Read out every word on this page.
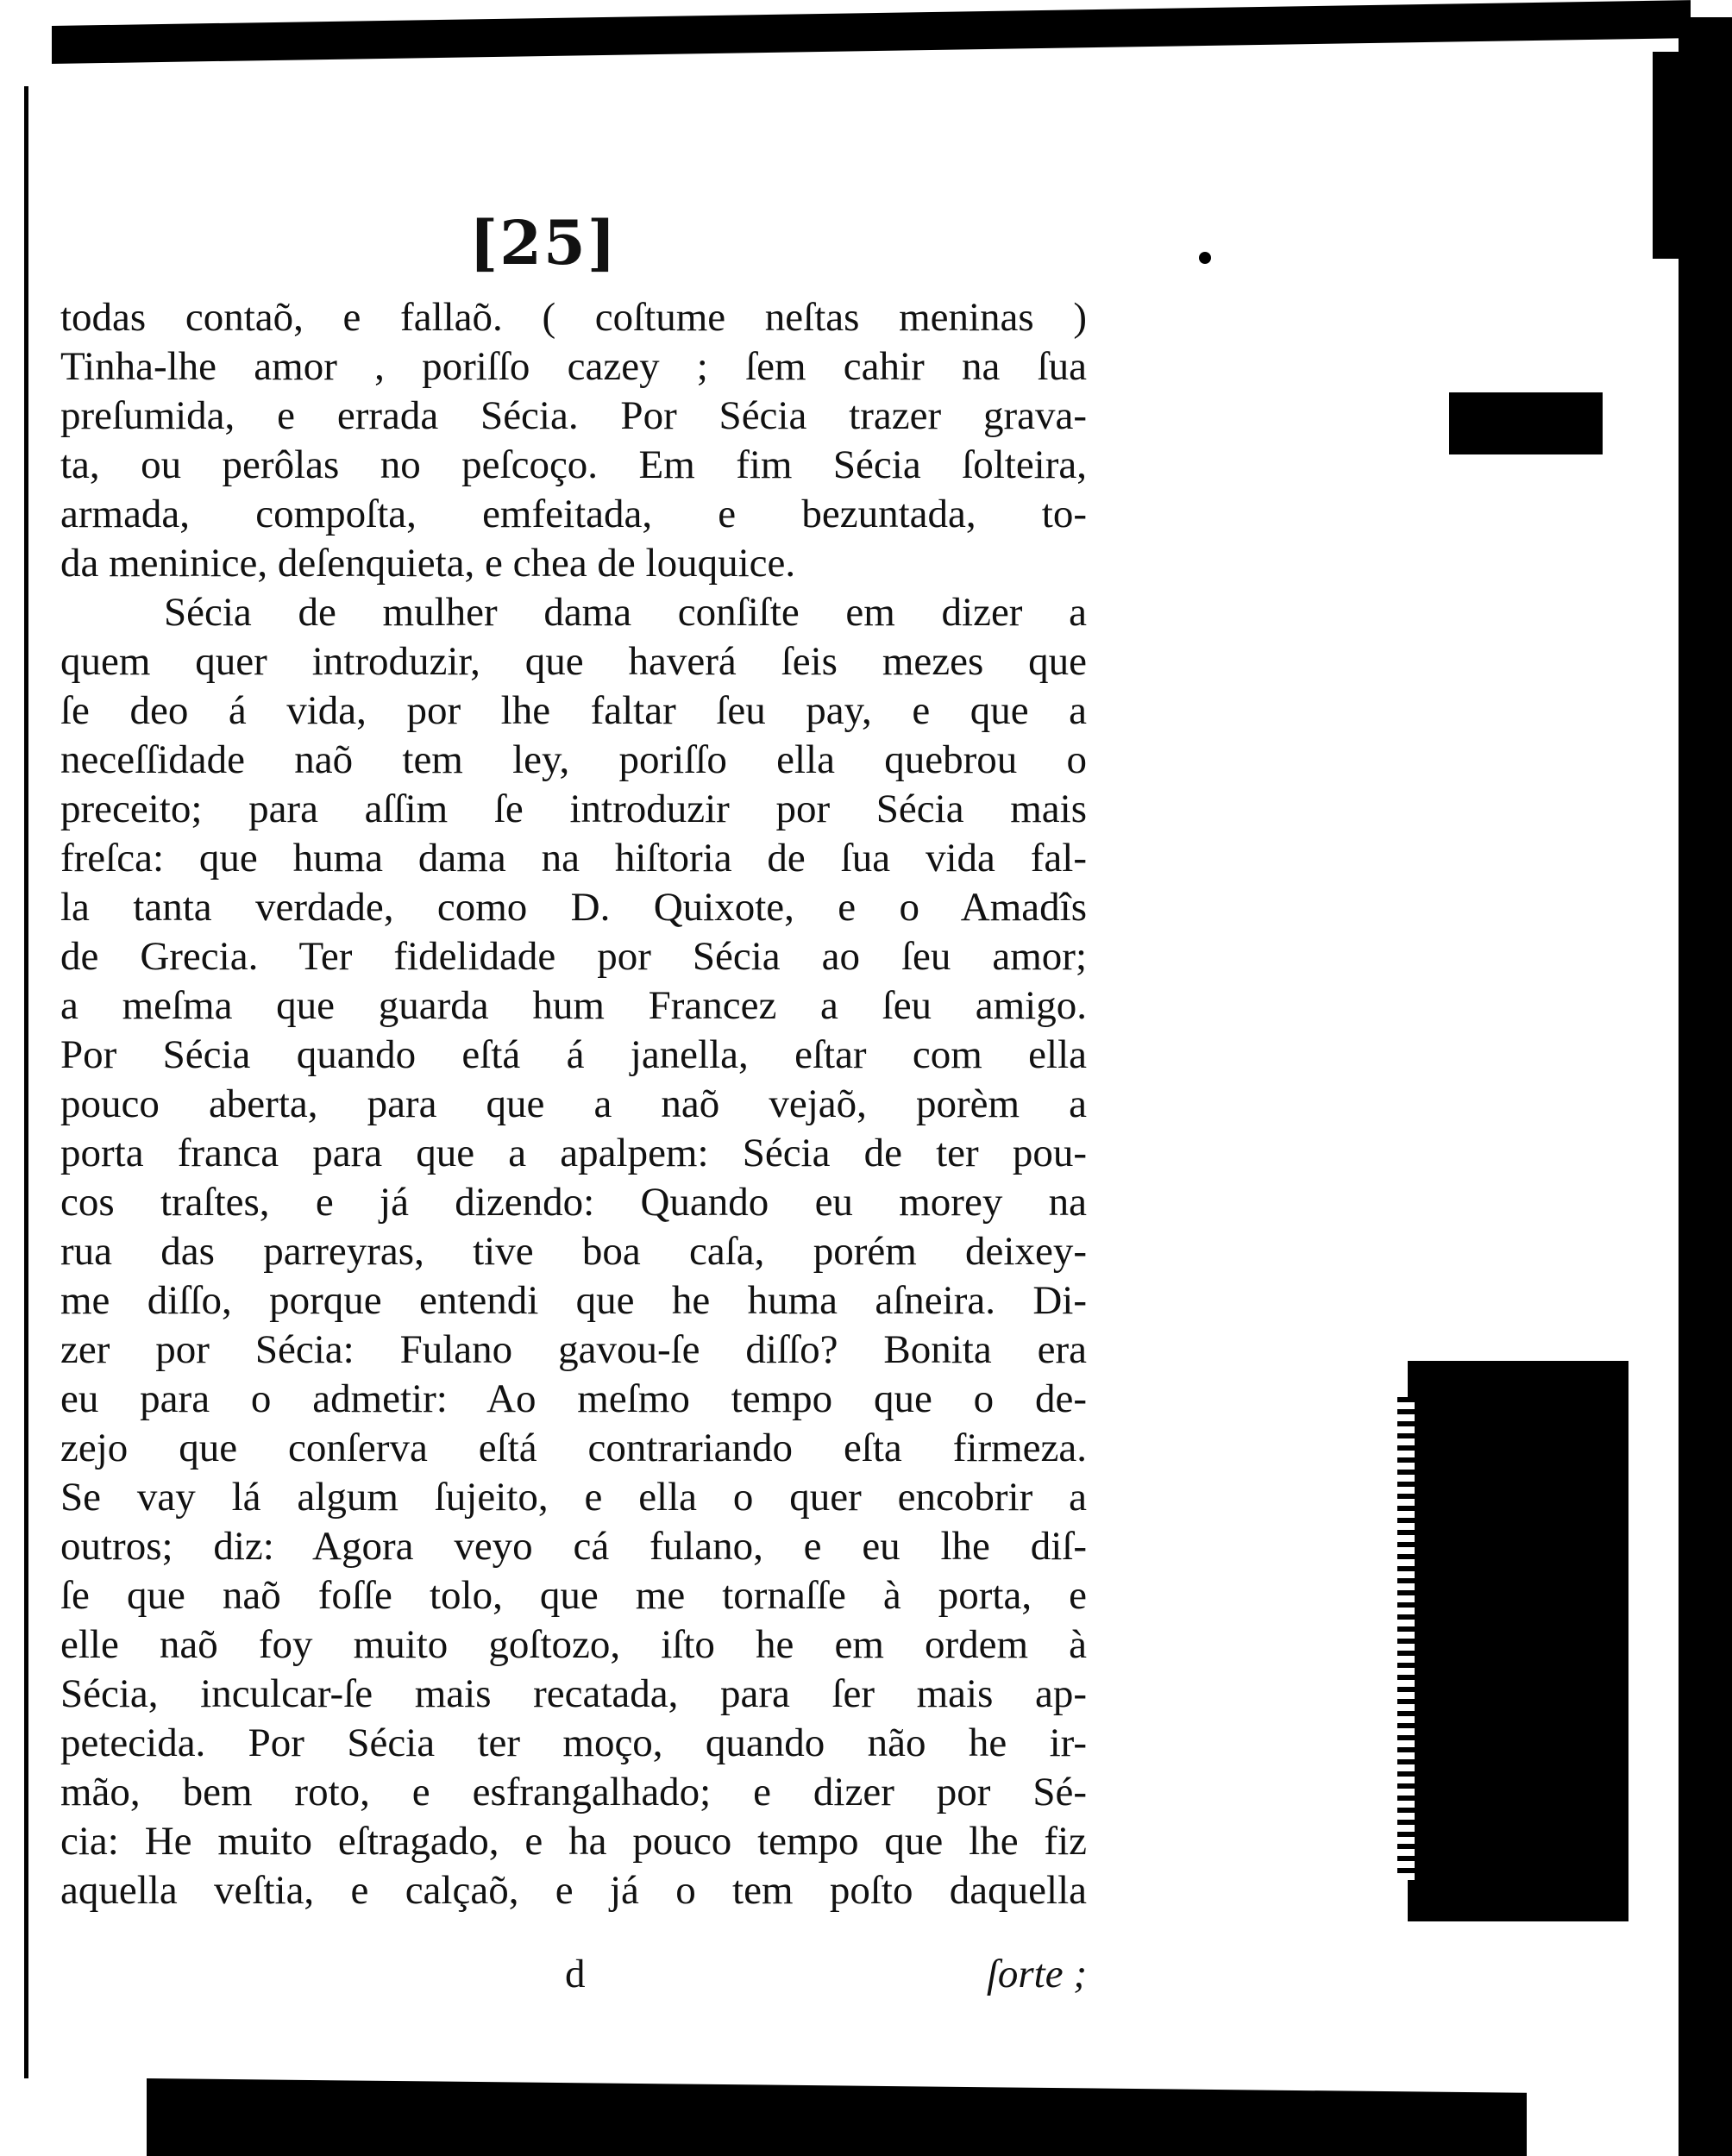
[25]
todas contaõ, e fallaõ. ( coſtume neſtas meninas )
Tinha-lhe amor , poriſſo cazey ; ſem cahir na ſua
preſumida, e errada Sécia. Por Sécia trazer grava-
ta, ou perôlas no peſcoço. Em fim Sécia ſolteira,
armada, compoſta, emfeitada, e bezuntada, to-
da meninice, deſenquieta, e chea de louquice.
Sécia de mulher dama conſiſte em dizer a
quem quer introduzir, que haverá ſeis mezes que
ſe deo á vida, por lhe faltar ſeu pay, e que a
neceſſidade naõ tem ley, poriſſo ella quebrou o
preceito; para aſſim ſe introduzir por Sécia mais
freſca: que huma dama na hiſtoria de ſua vida fal-
la tanta verdade, como D. Quixote, e o Amadîs
de Grecia. Ter fidelidade por Sécia ao ſeu amor;
a meſma que guarda hum Francez a ſeu amigo.
Por Sécia quando eſtá á janella, eſtar com ella
pouco aberta, para que a naõ vejaõ, porèm a
porta franca para que a apalpem: Sécia de ter pou-
cos traſtes, e já dizendo: Quando eu morey na
rua das parreyras, tive boa caſa, porém deixey-
me diſſo, porque entendi que he huma aſneira. Di-
zer por Sécia: Fulano gavou-ſe diſſo? Bonita era
eu para o admetir: Ao meſmo tempo que o de-
zejo que conſerva eſtá contrariando eſta firmeza.
Se vay lá algum ſujeito, e ella o quer encobrir a
outros; diz: Agora veyo cá fulano, e eu lhe diſ-
ſe que naõ foſſe tolo, que me tornaſſe à porta, e
elle naõ foy muito goſtozo, iſto he em ordem à
Sécia, inculcar-ſe mais recatada, para ſer mais ap-
petecida. Por Sécia ter moço, quando não he ir-
mão, bem roto, e esfrangalhado; e dizer por Sé-
cia: He muito eſtragado, e ha pouco tempo que lhe fiz
aquella veſtia, e calçaõ, e já o tem poſto daquella
d	ſorte ;
